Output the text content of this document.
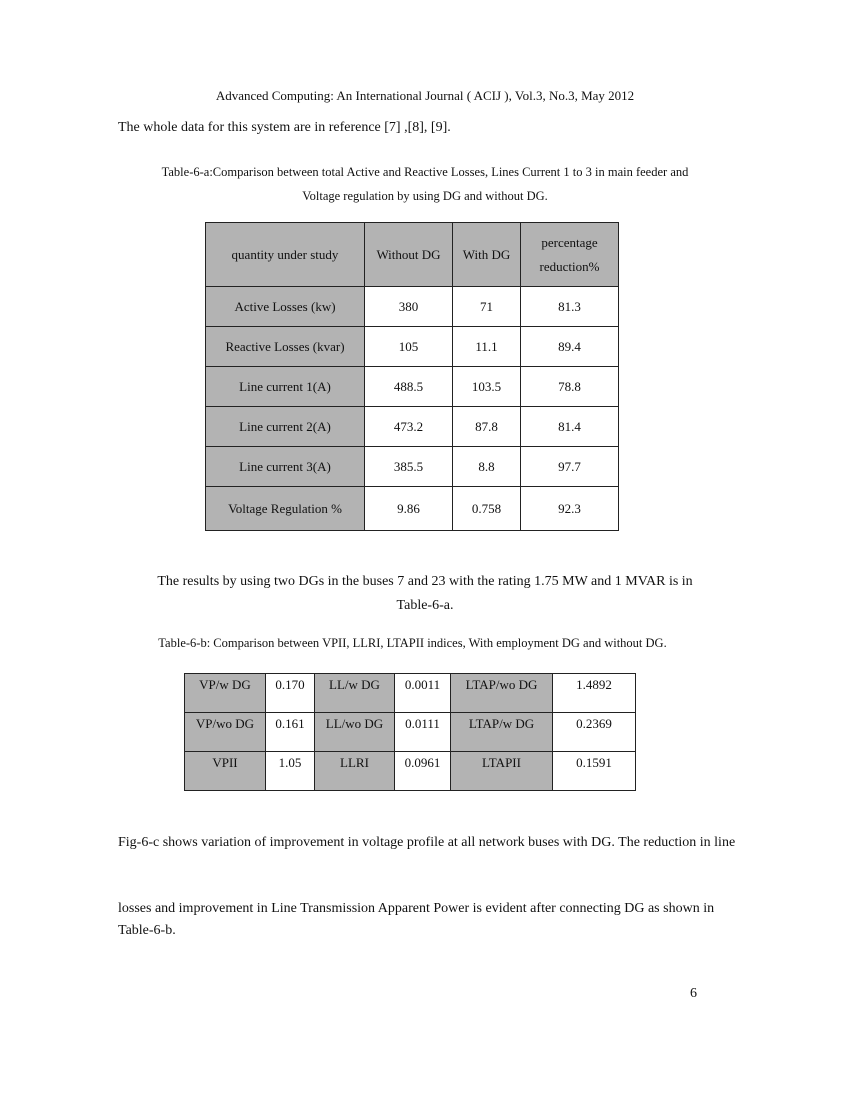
Advanced Computing: An International Journal ( ACIJ ), Vol.3, No.3, May 2012
The whole data for this system are in reference [7] ,[8], [9].
Table-6-a:Comparison between total Active and Reactive Losses, Lines Current 1 to 3 in main feeder and
Voltage regulation by using DG and without DG.
quantity under study	Without DG	With DG	percentage
reduction%

Active Losses (kw)	380	71	81.3
Reactive Losses (kvar)	105	11.1	89.4
Line current 1(A)	488.5	103.5	78.8
Line current 2(A)	473.2	87.8	81.4
Line current 3(A)	385.5	8.8	97.7
Voltage Regulation %	9.86	0.758	92.3
The results by using two DGs in the buses 7 and 23 with the rating 1.75 MW and 1 MVAR is in
Table-6-a.
Table-6-b: Comparison between VPII, LLRI, LTAPII indices, With employment DG and without DG.
VP/w DG	0.170	LL/w DG	0.0011	LTAP/wo DG	1.4892
VP/wo DG	0.161	LL/wo DG	0.0111	LTAP/w DG	0.2369
VPII	1.05	LLRI	0.0961	LTAPII	0.1591
Fig-6-c shows variation of improvement in voltage profile at all network buses with DG. The reduction in line
losses and improvement in Line Transmission Apparent Power is evident after connecting DG as shown in Table-6-b.
6
